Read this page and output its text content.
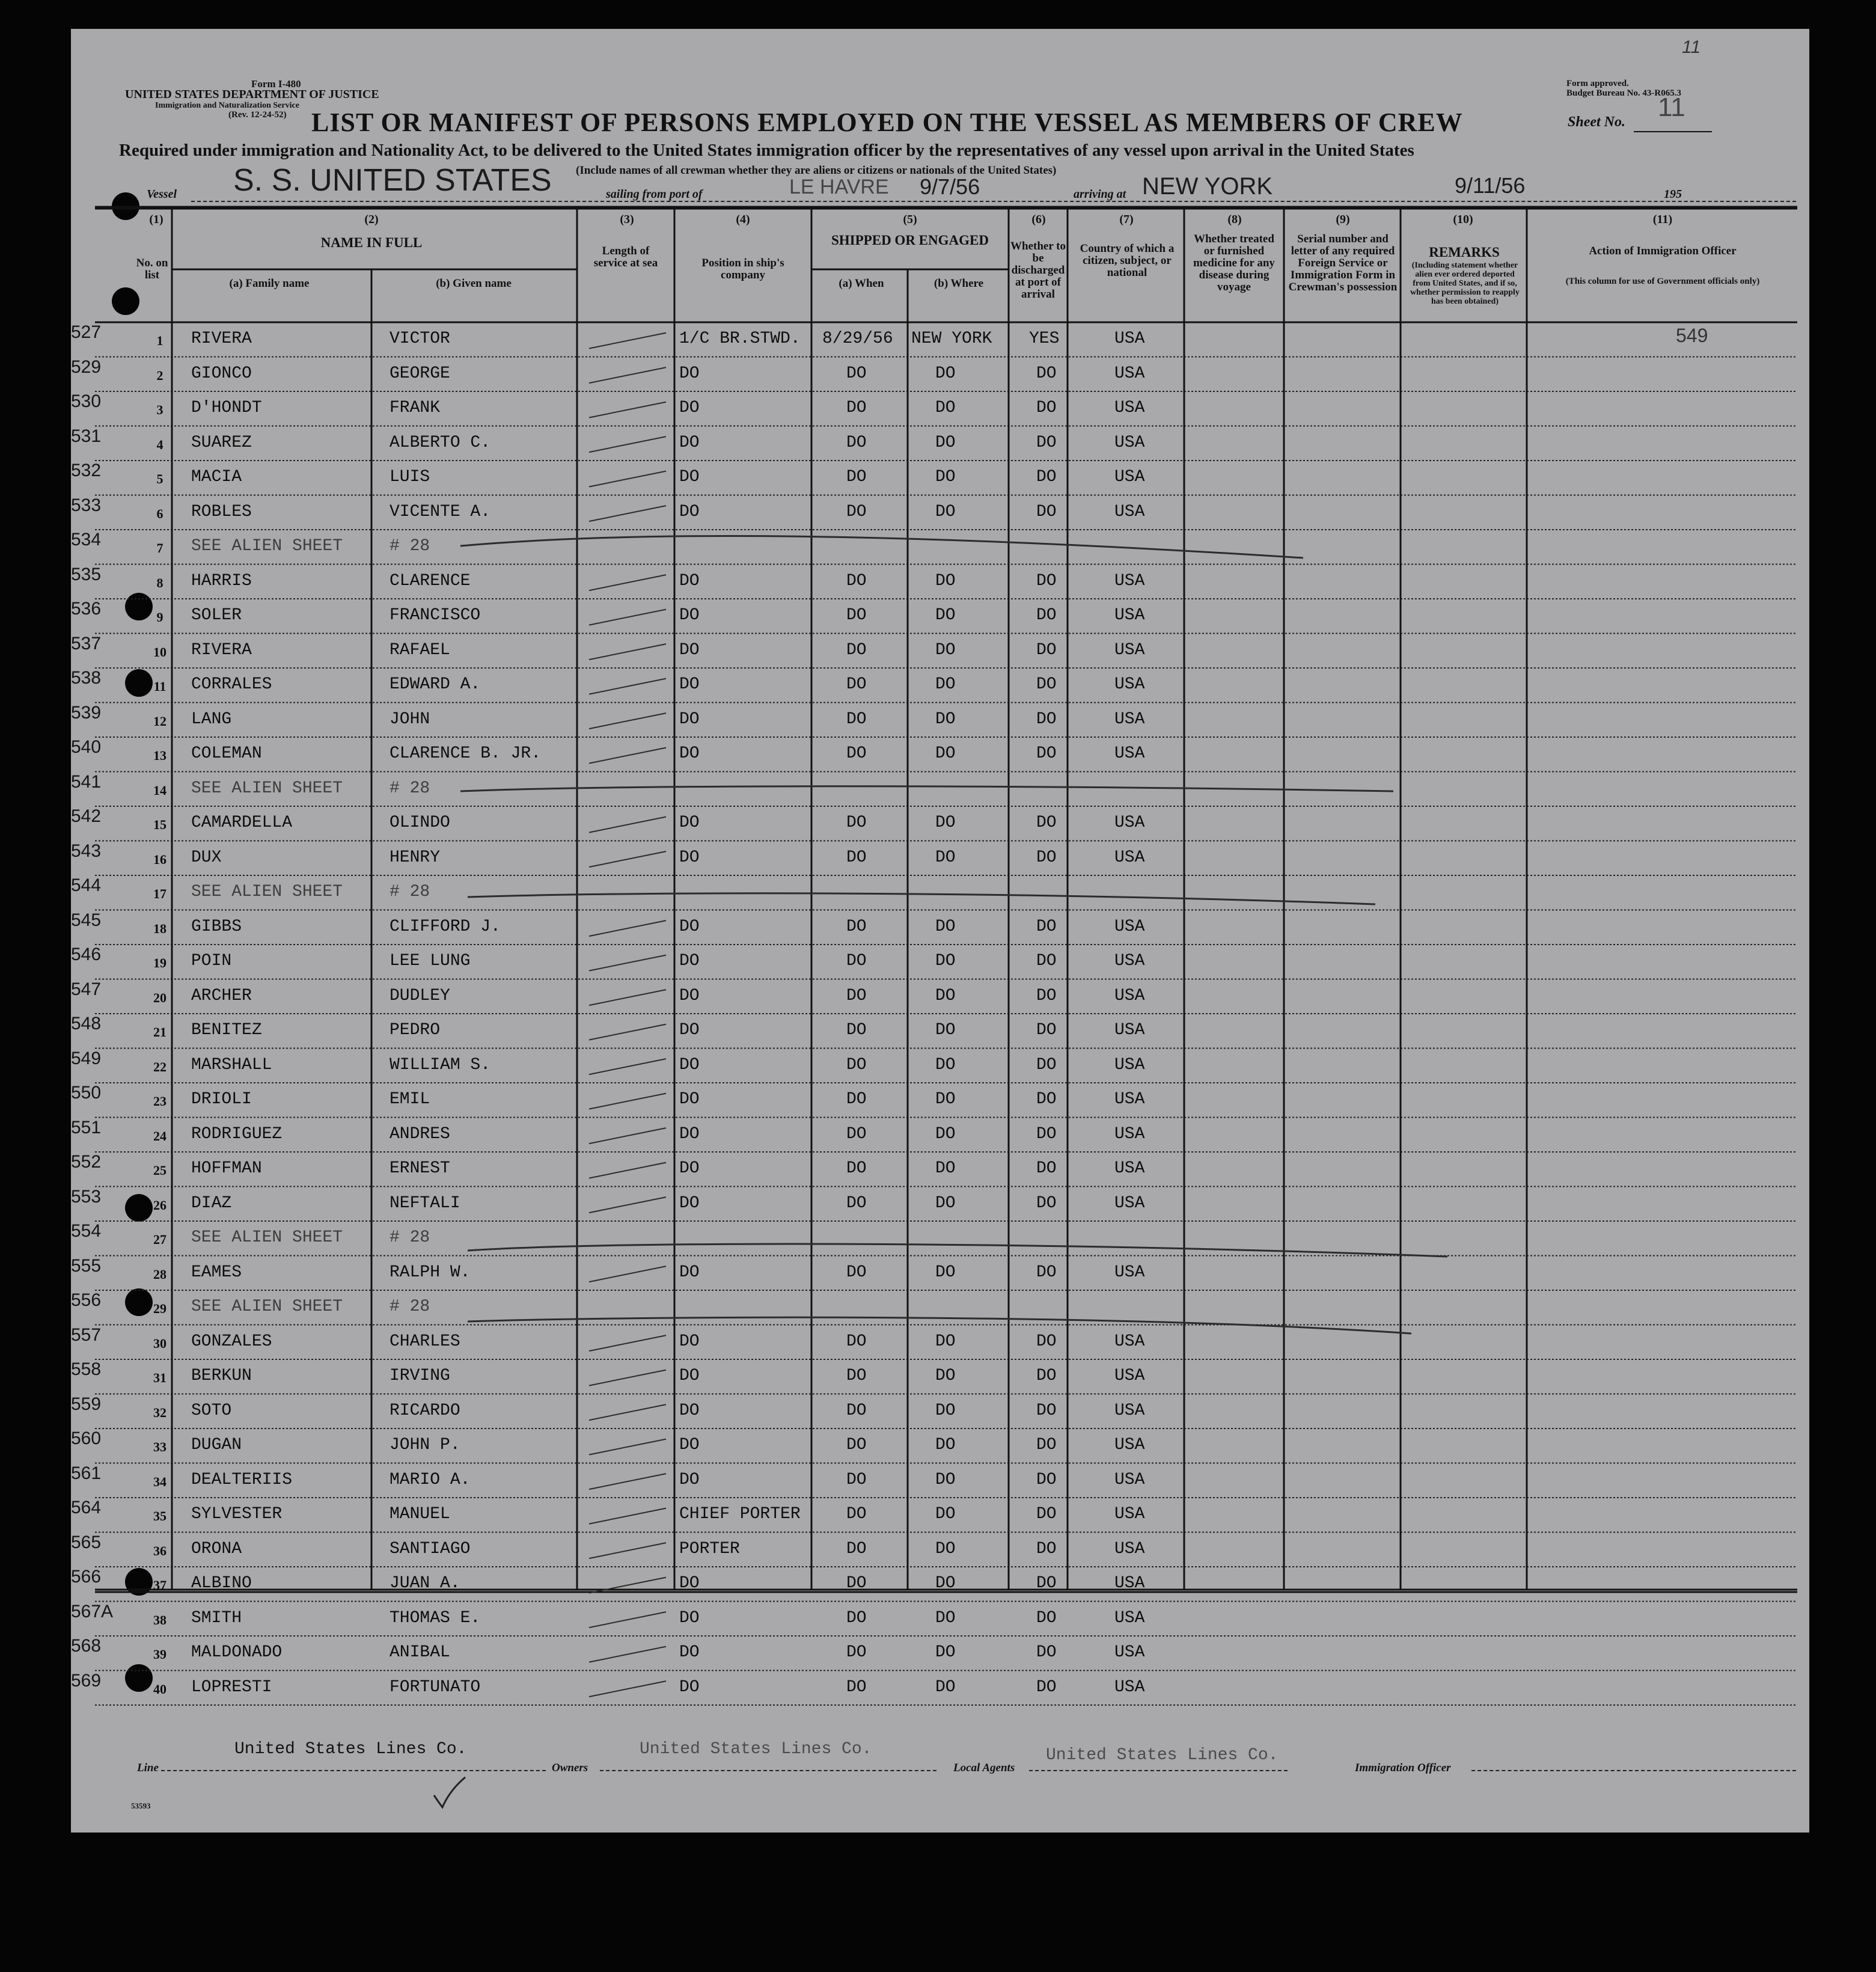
Form I-480
UNITED STATES DEPARTMENT OF JUSTICE
Immigration and Naturalization Service
(Rev. 12-24-52)
Form approved.
Budget Bureau No. 43-R065.3
11
Sheet No. 11
LIST OR MANIFEST OF PERSONS EMPLOYED ON THE VESSEL AS MEMBERS OF CREW
Required under immigration and Nationality Act, to be delivered to the United States immigration officer by the representatives of any vessel upon arrival in the United States
(Include names of all crewman whether they are aliens or citizens or nationals of the United States)
Vessel S. S. UNITED STATES	sailing from port of	LE HAVRE 9/7/56	arriving at NEW YORK	9/11/56	195
(1)
No. on list
(2)
NAME IN FULL
(a) Family name	(b) Given name
(3)
Length of service at sea
(4)
Position in ship's company
(5)
SHIPPED OR ENGAGED
(a) When	(b) Where
(6)
Whether to be discharged at port of arrival
(7)
Country of which a citizen, subject, or national
(8)
Whether treated or furnished medicine for any disease during voyage
(9)
Serial number and letter of any required Foreign Service or Immigration Form in Crewman's possession
(10)
REMARKS
(Including statement whether alien ever ordered deported from United States, and if so, whether permission to reapply has been obtained)
(11)
Action of Immigration Officer
(This column for use of Government officials only)
527	1	RIVERA	VICTOR	1/C BR.STWD. 8/29/56 NEW YORK YES	USA	549
529	2	GIONCO	GEORGE	DO	DO	DO	DO	USA
530	3	D'HONDT	FRANK	DO	DO	DO	DO	USA
531	4	SUAREZ	ALBERTO C.	DO	DO	DO	DO	USA
532	5	MACIA	LUIS	DO	DO	DO	DO	USA
533	6	ROBLES	VICENTE A.	DO	DO	DO	DO	USA
534	7	SEE ALIEN SHEET	# 28
535	8	HARRIS	CLARENCE	DO	DO	DO	DO	USA
536	9	SOLER	FRANCISCO	DO	DO	DO	DO	USA
537	10	RIVERA	RAFAEL	DO	DO	DO	DO	USA
538	11	CORRALES	EDWARD A.	DO	DO	DO	DO	USA
539	12	LANG	JOHN	DO	DO	DO	DO	USA
540	13	COLEMAN	CLARENCE B. JR.	DO	DO	DO	DO	USA
541	14	SEE ALIEN SHEET	# 28
542	15	CAMARDELLA	OLINDO	DO	DO	DO	DO	USA
543	16	DUX	HENRY	DO	DO	DO	DO	USA
544	17	SEE ALIEN SHEET	# 28
545	18	GIBBS	CLIFFORD J.	DO	DO	DO	DO	USA
546	19	POIN	LEE LUNG	DO	DO	DO	DO	USA
547	20	ARCHER	DUDLEY	DO	DO	DO	DO	USA
548	21	BENITEZ	PEDRO	DO	DO	DO	DO	USA
549	22	MARSHALL	WILLIAM S.	DO	DO	DO	DO	USA
550	23	DRIOLI	EMIL	DO	DO	DO	DO	USA
551	24	RODRIGUEZ	ANDRES	DO	DO	DO	DO	USA
552	25	HOFFMAN	ERNEST	DO	DO	DO	DO	USA
553	26	DIAZ	NEFTALI	DO	DO	DO	DO	USA
554	27	SEE ALIEN SHEET	# 28
555	28	EAMES	RALPH W.	DO	DO	DO	DO	USA
556	29	SEE ALIEN SHEET	# 28
557	30	GONZALES	CHARLES	DO	DO	DO	DO	USA
558	31	BERKUN	IRVING	DO	DO	DO	DO	USA
559	32	SOTO	RICARDO	DO	DO	DO	DO	USA
560	33	DUGAN	JOHN P.	DO	DO	DO	DO	USA
561	34	DEALTERIIS	MARIO A.	DO	DO	DO	DO	USA
564	35	SYLVESTER	MANUEL	CHIEF PORTER	DO	DO	DO	USA
565	36	ORONA	SANTIAGO	PORTER	DO	DO	DO	USA
566	37	ALBINO	JUAN A.	DO	DO	DO	DO	USA
567A	38	SMITH	THOMAS E.	DO	DO	DO	DO	USA
568	39	MALDONADO	ANIBAL	DO	DO	DO	DO	USA
569	40	LOPRESTI	FORTUNATO	DO	DO	DO	DO	USA
Line
United States Lines Co.
Owners
United States Lines Co.
Local Agents
United States Lines Co.
Immigration Officer
53593
